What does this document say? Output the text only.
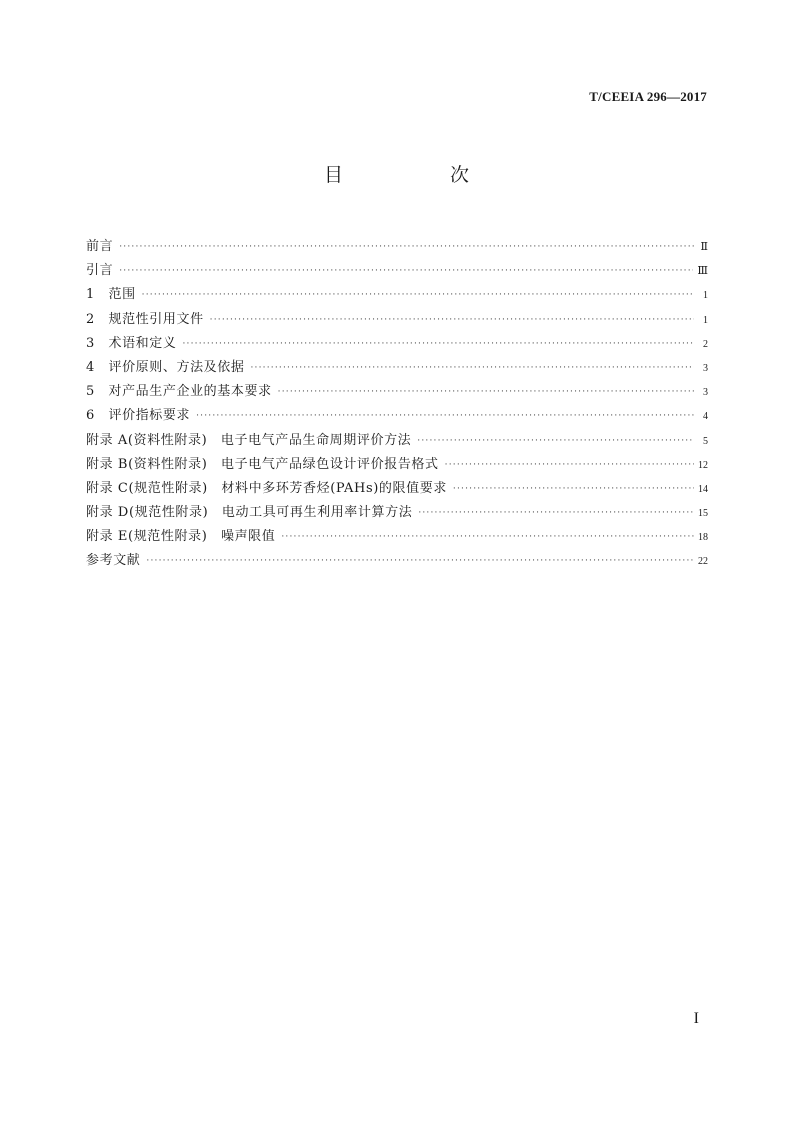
T/CEEIA 296—2017
目　次
前言 ·····	Ⅱ
引言 ·····	Ⅲ
1　范围 ·····	1
2　规范性引用文件 ·····	1
3　术语和定义 ·····	2
4　评价原则、方法及依据 ·····	3
5　对产品生产企业的基本要求 ·····	3
6　评价指标要求 ·····	4
附录 A(资料性附录)　电子电气产品生命周期评价方法 ·····	5
附录 B(资料性附录)　电子电气产品绿色设计评价报告格式 ·····	12
附录 C(规范性附录)　材料中多环芳香烃(PAHs)的限值要求 ·····	14
附录 D(规范性附录)　电动工具可再生利用率计算方法 ·····	15
附录 E(规范性附录)　噪声限值 ·····	18
参考文献 ·····	22
I
